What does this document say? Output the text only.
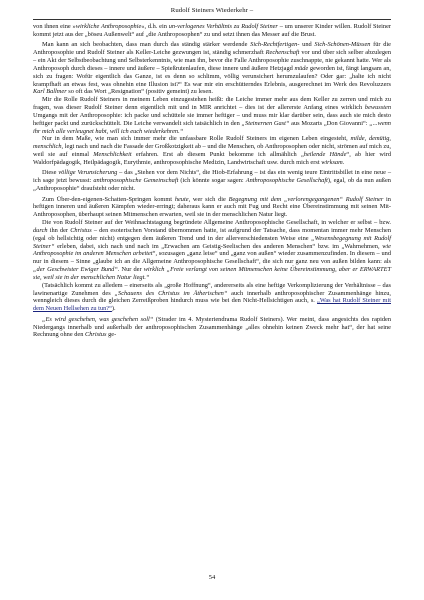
Rudolf Steiners Wiederkehr –

von ihnen eine »wirkliche Anthroposophie«, d.h. ein un-verlogenes Verhältnis zu Rudolf Steiner – um unserer Kinder willen. Rudolf Steiner kommt jetzt aus der „böseu Außenwelt“ auf „die Anthroposophen“ zu und setzt ihnen das Messer auf die Brust.

Man kann an sich beobachten, dass man durch das ständig stärker werdende Sich-Rechtfertigen- und Sich-Schönen-Müssen für die Anthroposophie und Rudolf Steiner als Keller-Leiche gezwungen ist, ständig schmerzhaft Rechenschaft vor und über sich selber abzulegen – ein Akt der Selbstbeobachtung und Selbsterkenntnis, wie man ihn, bevor die Falle Anthroposophie zuschnappte, nie gekannt hatte. Wer als Anthroposoph durch dieses – innere und äußere – Spießrutenlaufen, diese innere und äußere Hetzjagd müde geworden ist, fängt langsam an, sich zu fragen: Wofür eigentlich das Ganze, ist es denn so schlimm, völlig verunsichert herumzulaufen? Oder gar: „halte ich nicht krampfhaft an etwas fest, was ohnehin eine Illusion ist?“ Es war mir ein erschütterndes Erlebnis, ausgerechnet im Werk des Revoluzzers Karl Ballmer so oft das Wort „Resignation“ (positiv gemeint) zu lesen.

Mir die Rolle Rudolf Steiners in meinem Leben einzugestehen heißt: die Leiche immer mehr aus dem Keller zu zerren und mich zu fragen, was dieser Rudolf Steiner denn eigentlich mit und in MIR anrichtet – dies ist der allererste Anfang eines wirklich bewussten Umgangs mit der Anthroposophie: ich packe und schüttele sie immer heftiger – und muss mir klar darüber sein, dass auch sie mich desto heftiger packt und zurückschüttelt. Die Leiche verwandelt sich tatsächlich in den „Steinernen Gast“ aus Mozarts „Don Giovanni“: „...wenn ihr mich alle verleugnet habt, will ich euch wiederkehren.“

Nur in dem Maße, wie man sich immer mehr die unfassbare Rolle Rudolf Steiners im eigenen Leben eingesteht, milde, demütig, menschlich, legt nach und nach die Fassade der Großkotzigkeit ab – und die Menschen, ob Anthroposophen oder nicht, strömen auf mich zu, weil sie auf einmal Menschlichkeit erfahren. Erst ab diesem Punkt bekomme ich allmählich „heilende Hände“, ab hier wird Waldorfpädagogik, Heilpädagogik, Eurythmie, anthroposophische Medizin, Landwirtschaft usw. durch mich erst wirksam.

Diese völlige Verunsicherung – das „Stehen vor dem Nichts“, die Hiob-Erfahrung – ist das ein wenig teure Eintrittsbillet in eine neue – ich sage jetzt bewusst: anthroposophische Gemeinschaft (ich könnte sogar sagen: Anthroposophische Gesellschaft), egal, ob da nun außen „Anthroposophie“ draufsteht oder nicht.

Zum Über-den-eigenen-Schatten-Springen kommt heute, wer sich die Begegnung mit dem „verlorengegangenen“ Rudolf Steiner in heftigen inneren und äußeren Kämpfen wieder-erringt; daheraus kann er auch mit Fug und Recht eine Übereinstimmung mit seinen Mit-Anthroposophen, überhaupt seinen Mitmenschen erwarten, weil sie in der menschlichen Natur liegt.

Die von Rudolf Steiner auf der Weihnachtstagung begründete Allgemeine Anthroposophische Gesellschaft, in welcher er selbst – bzw. durch ihn der Christus – den esoterischen Vorstand übernommen hatte, ist aufgrund der Tatsache, dass momentan immer mehr Menschen (egal ob hellsichtig oder nicht) entgegen dem äußeren Trend und in der allerverschiedensten Weise eine „Wesensbegegnung mit Rudolf Steiner“ erleben, dabei, sich nach und nach im „Erwachen am Geistig-Seelischen des anderen Menschen“ bzw. im „Wahrnehmen, wie Anthroposophie im anderen Menschen arbeitet“, sozusagen „ganz leise“ und „ganz von außen“ wieder zusammenzufinden. In diesem – und nur in diesem – Sinne „glaube ich an die Allgemeine Anthroposophische Gesellschaft“, die sich nur ganz neu von außen bilden kann: als „der Geschwister Ewiger Bund“. Nur der wirklich „Freie verlangt von seinen Mitmenschen keine Übereinstimmung, aber er ERWARTET sie, weil sie in der menschlichen Natur liegt.“

(Tatsächlich kommt zu alledem – einerseits als „große Hoffnung“, andererseits als eine heftige Verkomplizierung der Verhältnisse – das lawinenartige Zunehmen des „Schauens des Christus im Ätherischen“ auch innerhalb anthroposophischer Zusammenhänge hinzu, wenngleich dieses durch die gleichen Zerreißproben hindurch muss wie bei den Nicht-Hellsichtigen auch, s. „Was hat Rudolf Steiner mit dem Neuen Hellsehen zu tun?“).

„Es wird geschehen, was geschehen soll“ (Strader im 4. Mysteriendrama Rudolf Steiners). Wer meint, dass angesichts des rapiden Niedergangs innerhalb und außerhalb der anthroposophischen Zusammenhänge „alles ohnehin keinen Zweck mehr hat“, der hat seine Rechnung ohne den Christus ge-

54
